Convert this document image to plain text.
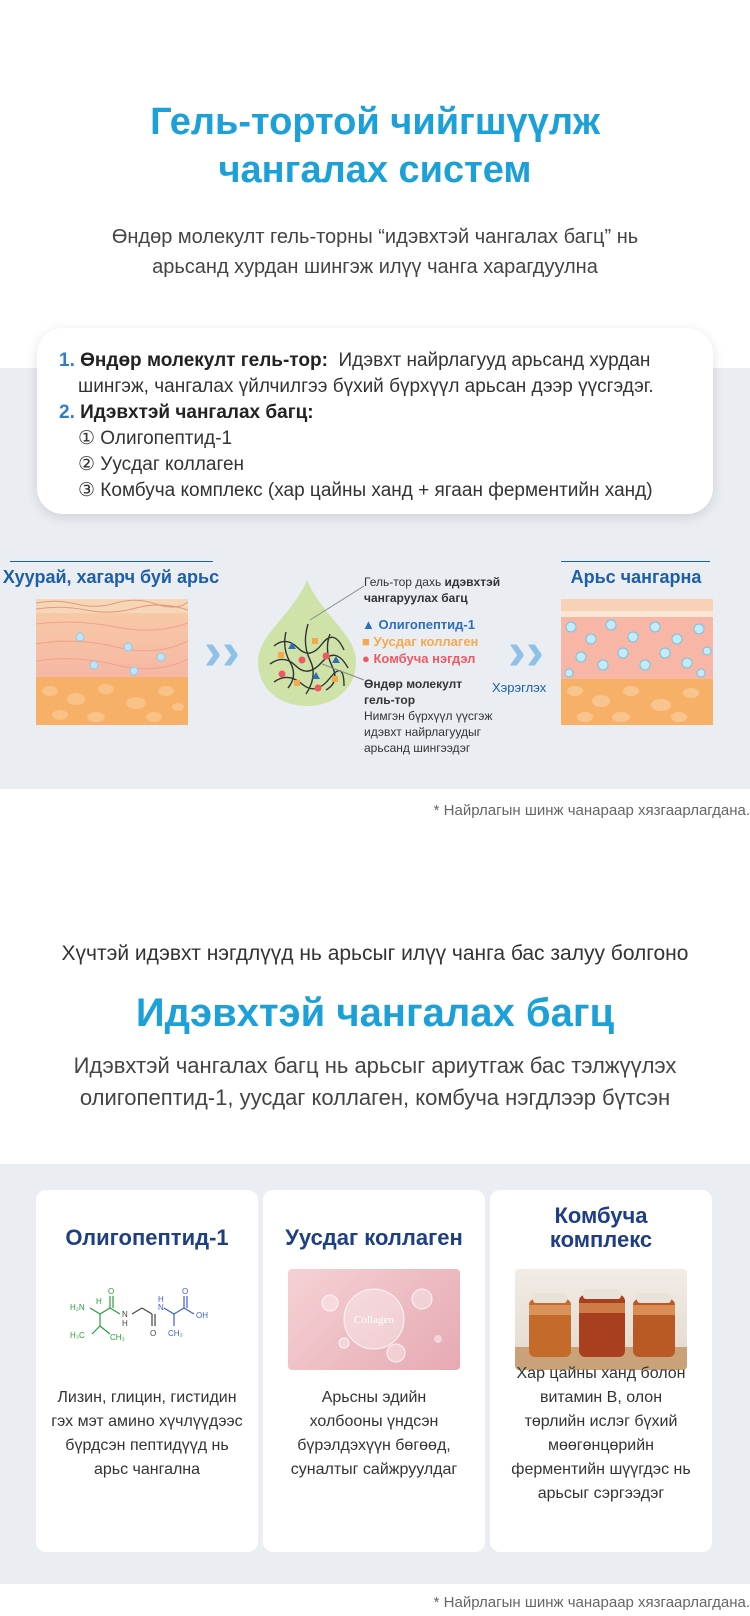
Гель-тортой чийгшүүлж
чангалах систем
Өндөр молекулт гель-торны “идэвхтэй чангалах багц” нь
арьсанд хурдан шингэж илүү чанга харагдуулна
1. Өндөр молекулт гель-тор: Идэвхт найрлагууд арьсанд хурдан
шингэж, чангалах үйлчилгээ бүхий бүрхүүл арьсан дээр үүсгэдэг.
2. Идэвхтэй чангалах багц:
① Олигопептид-1
② Уусдаг коллаген
③ Комбуча комплекс (хар цайны ханд + ягаан ферментийн ханд)
Хуурай, хагарч буй арьс
››
Гель-тор дахь идэвхтэй
чангаруулах багц
▲ Олигопептид-1
■ Уусдаг коллаген
● Комбуча нэгдэл
Өндөр молекулт
гель-тор
Нимгэн бүрхүүл үүсгэж
идэвхт найрлагуудыг
арьсанд шингээдэг
››
Хэрэглэх
Арьс чангарна
* Найрлагын шинж чанараар хязгаарлагдана.
Хүчтэй идэвхт нэгдлүүд нь арьсыг илүү чанга бас залуу болгоно
Идэвхтэй чангалах багц
Идэвхтэй чангалах багц нь арьсыг ариутгаж бас тэлжүүлэх
олигопептид-1, уусдаг коллаген, комбуча нэгдлээр бүтсэн
Олигопептид-1
H₂N
H
O
N
H
O
N
H
O
OH
H₃C	CH₃	CH₃
Лизин, глицин, гистидин
гэх мэт амино хүчлүүдээс
бүрдсэн пептидүүд нь
арьс чангална
Уусдаг коллаген
Collagen
Арьсны эдийн
холбооны үндсэн
бүрэлдэхүүн бөгөөд,
суналтыг сайжруулдаг
Комбуча
комплекс
Хар цайны ханд болон
витамин B, олон
төрлийн ислэг бүхий
мөөгөнцөрийн
ферментийн шүүгдэс нь
арьсыг сэргээдэг
* Найрлагын шинж чанараар хязгаарлагдана.
